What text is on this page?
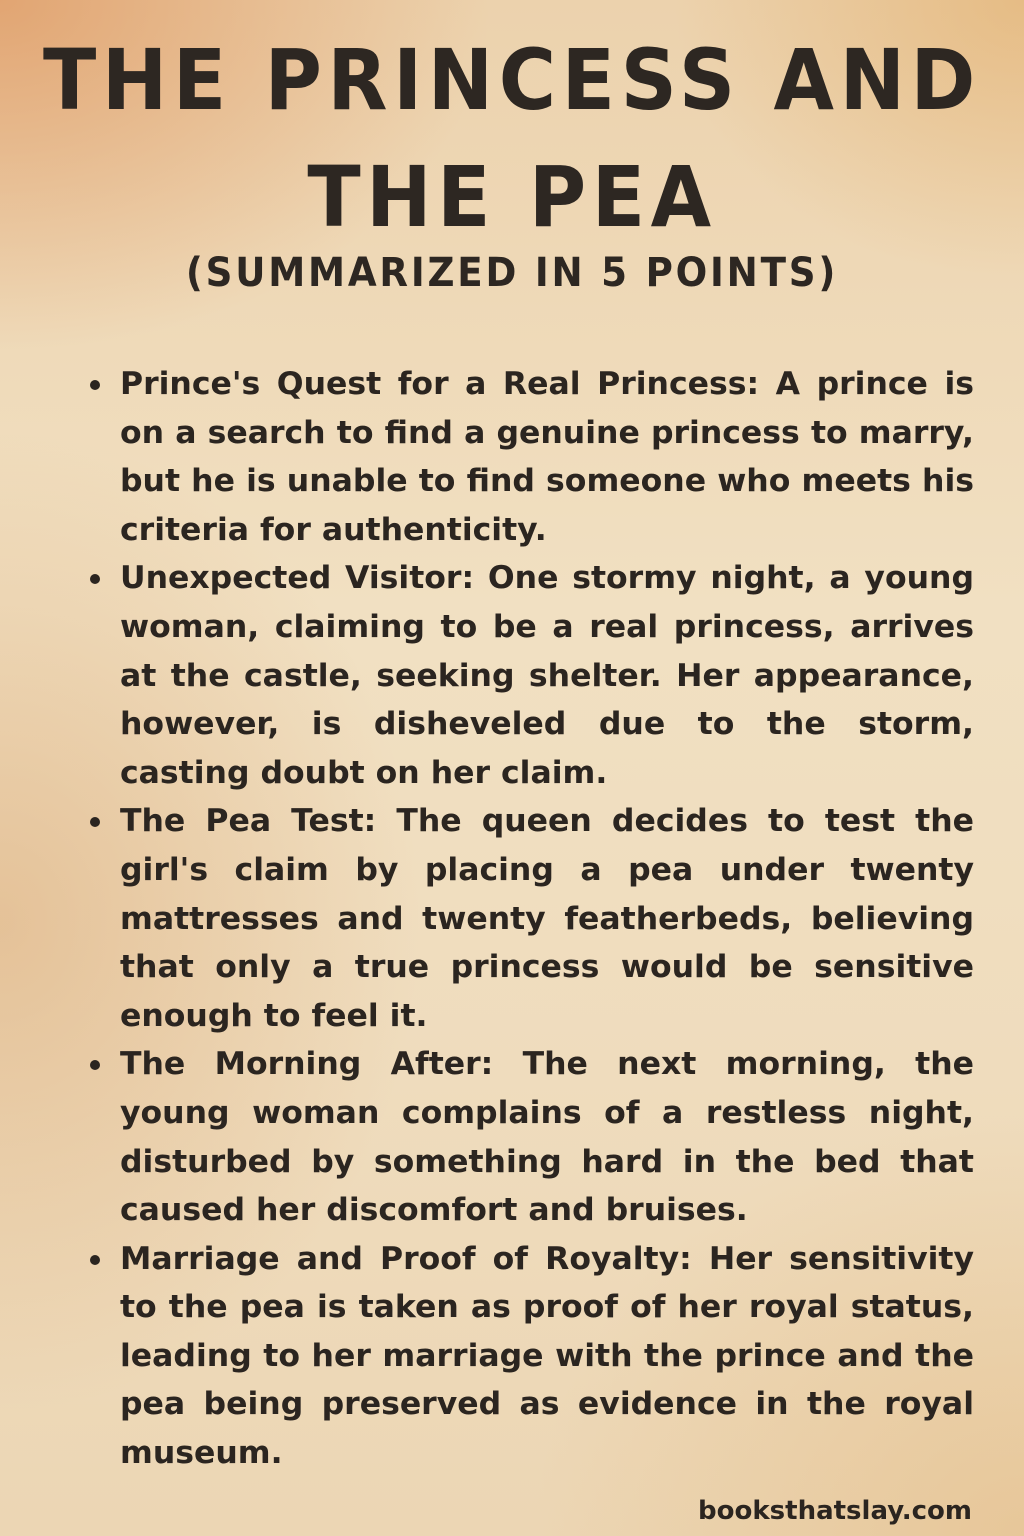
THE PRINCESS AND
THE PEA
(SUMMARIZED IN 5 POINTS)
Prince's Quest for a Real Princess: A prince is on a search to find a genuine princess to marry, but he is unable to find someone who meets his criteria for authenticity.
Unexpected Visitor: One stormy night, a young woman, claiming to be a real princess, arrives at the castle, seeking shelter. Her appearance, however, is disheveled due to the storm, casting doubt on her claim.
The Pea Test: The queen decides to test the girl's claim by placing a pea under twenty mattresses and twenty featherbeds, believing that only a true princess would be sensitive enough to feel it.
The Morning After: The next morning, the young woman complains of a restless night, disturbed by something hard in the bed that caused her discomfort and bruises.
Marriage and Proof of Royalty: Her sensitivity to the pea is taken as proof of her royal status, leading to her marriage with the prince and the pea being preserved as evidence in the royal museum.
booksthatslay.com
